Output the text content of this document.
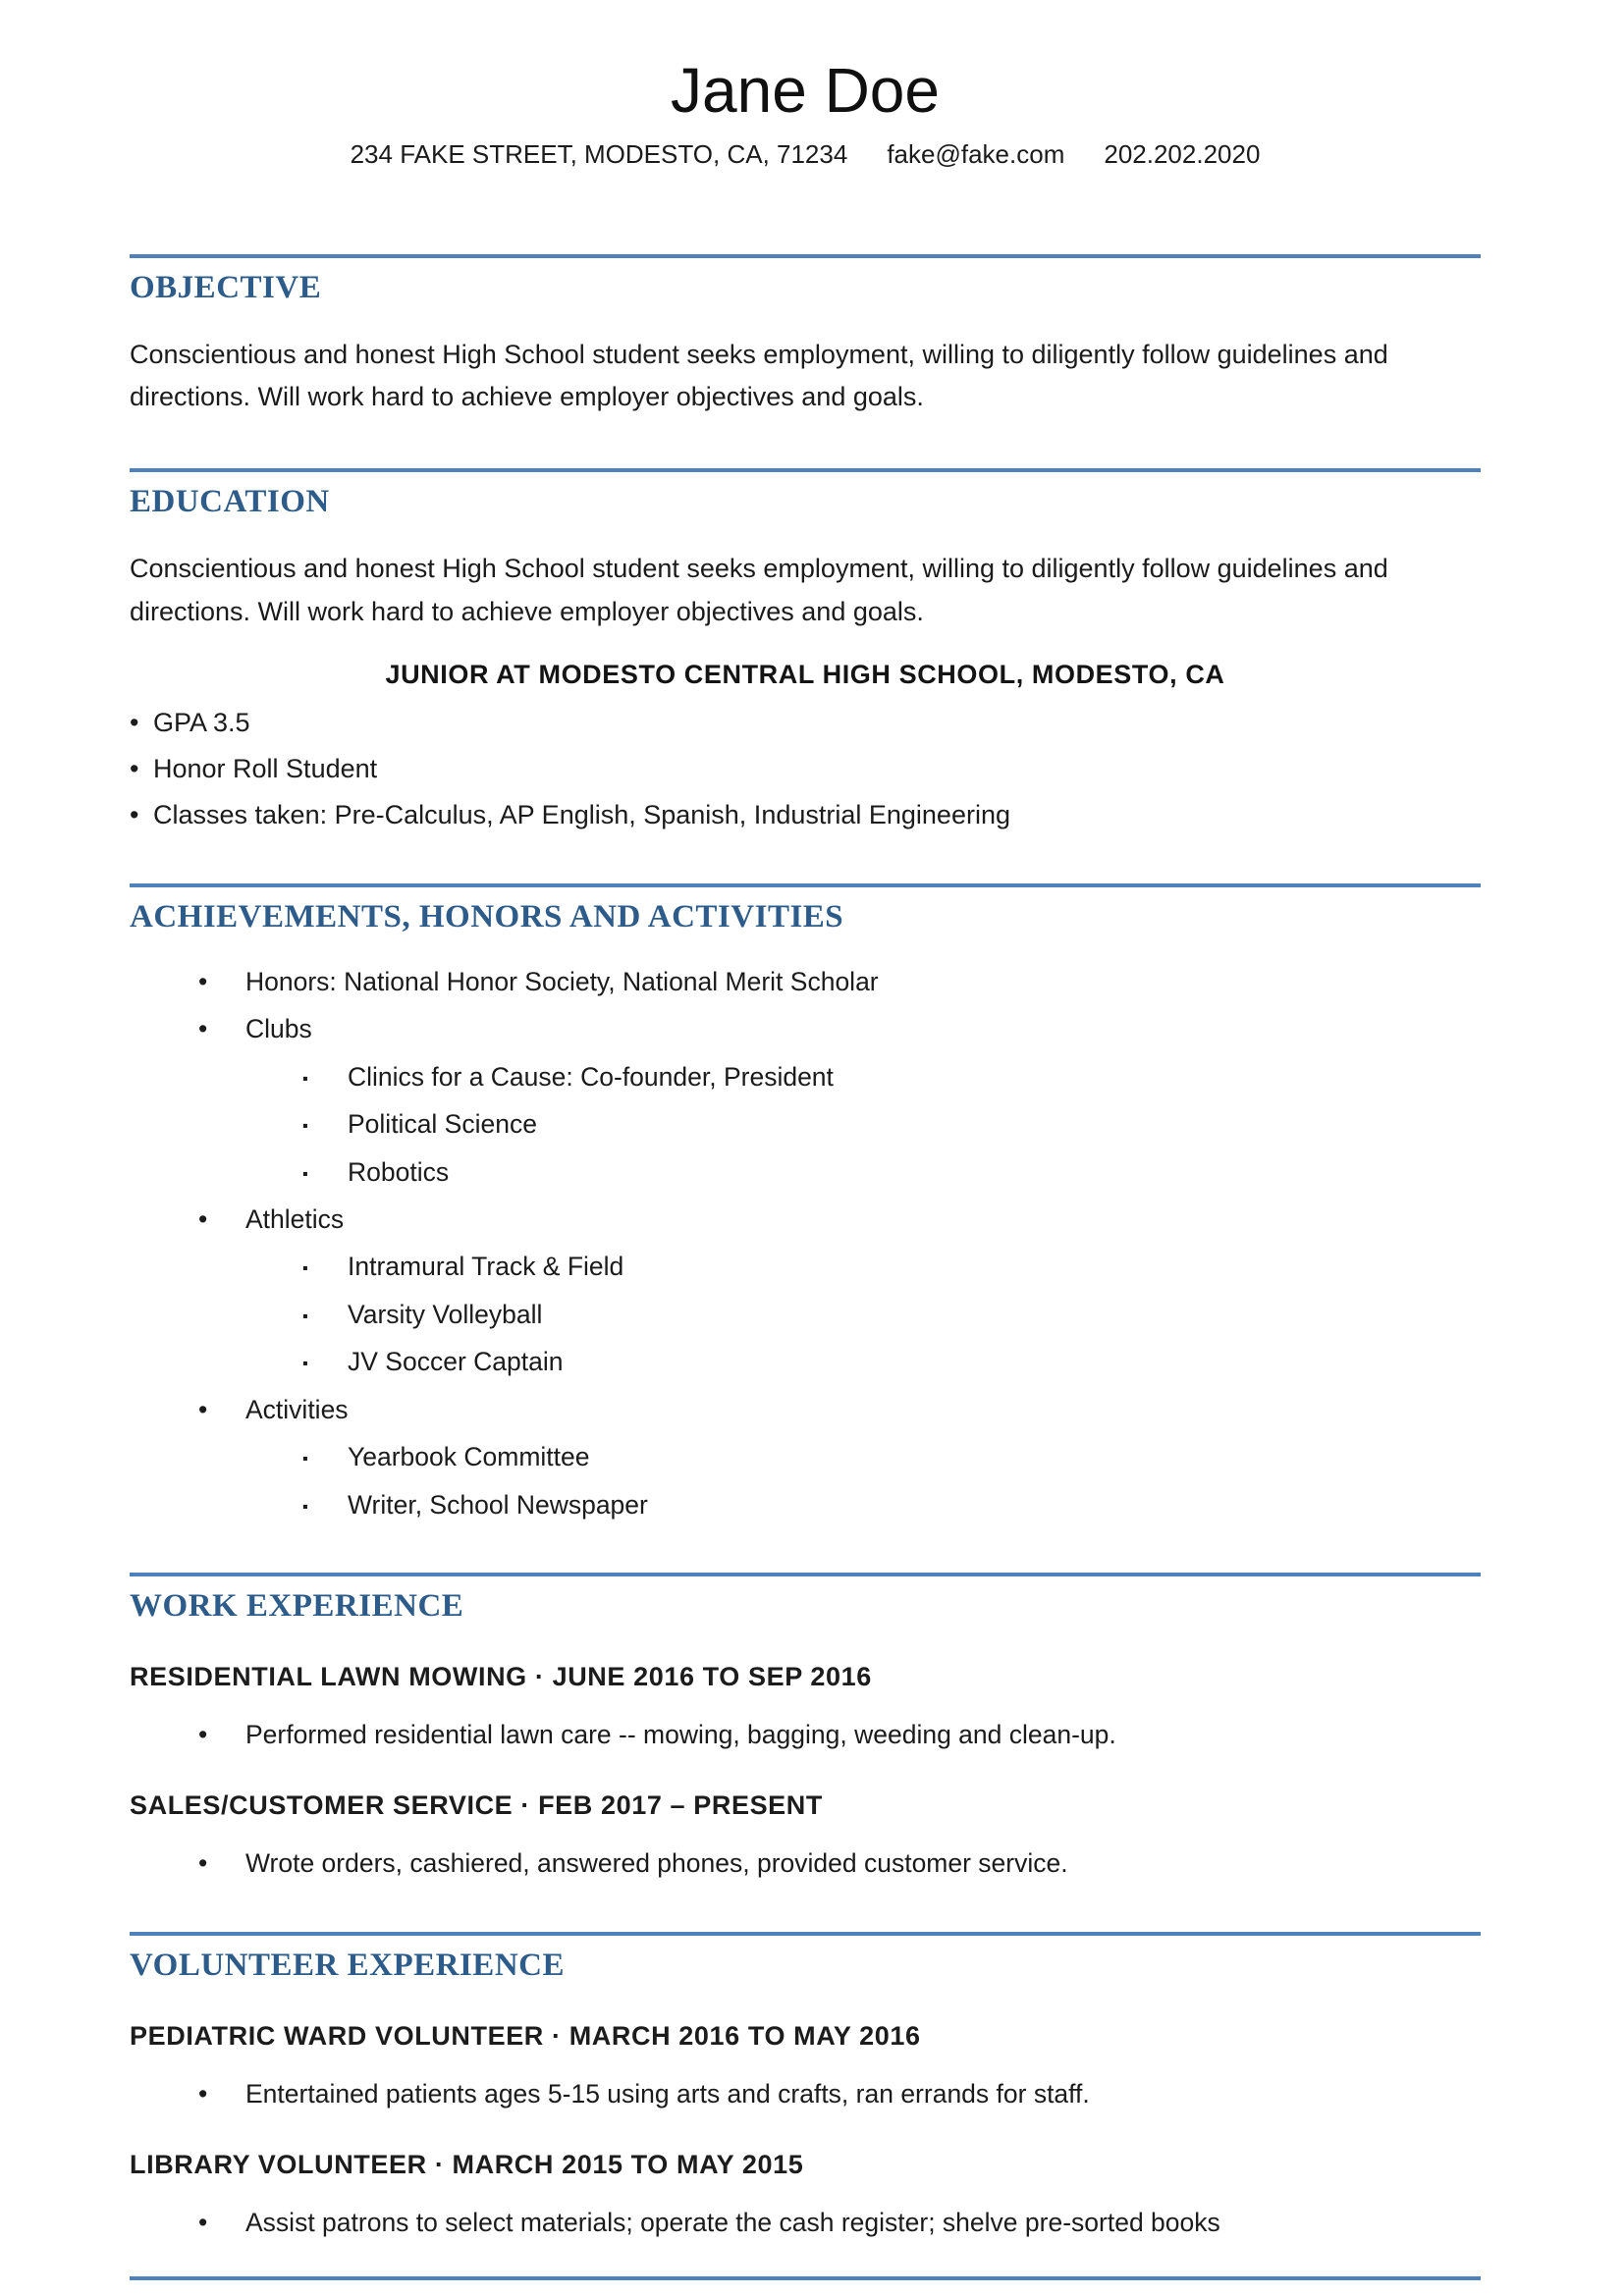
Jane Doe
234 FAKE STREET, MODESTO, CA, 71234 fake@fake.com 202.202.2020
OBJECTIVE

Conscientious and honest High School student seeks employment, willing to diligently follow guidelines and directions. Will work hard to achieve employer objectives and goals.

EDUCATION

Conscientious and honest High School student seeks employment, willing to diligently follow guidelines and directions. Will work hard to achieve employer objectives and goals.

JUNIOR AT MODESTO CENTRAL HIGH SCHOOL, MODESTO, CA
•
GPA 3.5
•
Honor Roll Student
•
Classes taken: Pre-Calculus, AP English, Spanish, Industrial Engineering
ACHIEVEMENTS, HONORS AND ACTIVITIES
•
Honors: National Honor Society, National Merit Scholar
•
Clubs
▪
Clinics for a Cause: Co-founder, President
▪
Political Science
▪
Robotics
•
Athletics
▪
Intramural Track & Field
▪
Varsity Volleyball
▪
JV Soccer Captain
•
Activities
▪
Yearbook Committee
▪
Writer, School Newspaper
WORK EXPERIENCE
RESIDENTIAL LAWN MOWING · JUNE 2016 TO SEP 2016
•
Performed residential lawn care -- mowing, bagging, weeding and clean-up.
SALES/CUSTOMER SERVICE · FEB 2017 – PRESENT
•
Wrote orders, cashiered, answered phones, provided customer service.
VOLUNTEER EXPERIENCE
PEDIATRIC WARD VOLUNTEER · MARCH 2016 TO MAY 2016
•
Entertained patients ages 5-15 using arts and crafts, ran errands for staff.
LIBRARY VOLUNTEER · MARCH 2015 TO MAY 2015
•
Assist patrons to select materials; operate the cash register; shelve pre-sorted books
